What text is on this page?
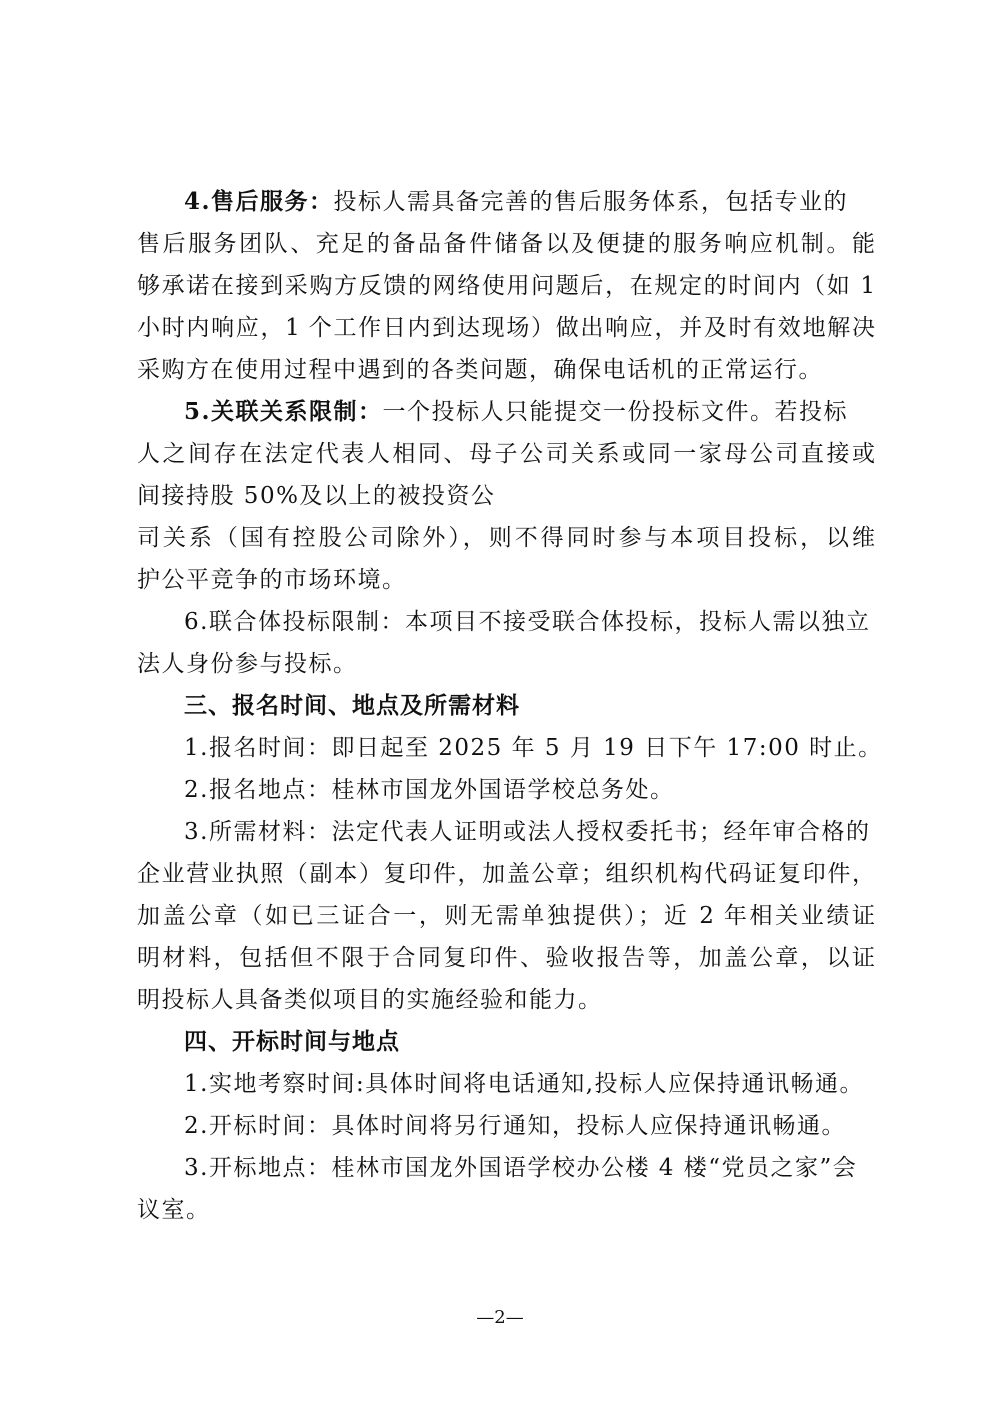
4.售后服务：投标人需具备完善的售后服务体系，包括专业的
售后服务团队、充足的备品备件储备以及便捷的服务响应机制。能
够承诺在接到采购方反馈的网络使用问题后，在规定的时间内（如 1
小时内响应，1 个工作日内到达现场）做出响应，并及时有效地解决
采购方在使用过程中遇到的各类问题，确保电话机的正常运行。
5.关联关系限制：一个投标人只能提交一份投标文件。若投标
人之间存在法定代表人相同、母子公司关系或同一家母公司直接或
间接持股 50%及以上的被投资公
司关系（国有控股公司除外），则不得同时参与本项目投标，以维
护公平竞争的市场环境。
6.联合体投标限制：本项目不接受联合体投标，投标人需以独立
法人身份参与投标。
三、报名时间、地点及所需材料
1.报名时间：即日起至 2025 年 5 月 19 日下午 17:00 时止。
2.报名地点：桂林市国龙外国语学校总务处。
3.所需材料：法定代表人证明或法人授权委托书；经年审合格的
企业营业执照（副本）复印件，加盖公章；组织机构代码证复印件，
加盖公章（如已三证合一，则无需单独提供）；近 2 年相关业绩证
明材料，包括但不限于合同复印件、验收报告等，加盖公章，以证
明投标人具备类似项目的实施经验和能力。
四、开标时间与地点
1.实地考察时间:具体时间将电话通知,投标人应保持通讯畅通。
2.开标时间：具体时间将另行通知，投标人应保持通讯畅通。
3.开标地点：桂林市国龙外国语学校办公楼 4 楼“党员之家”会
议室。
—2—
